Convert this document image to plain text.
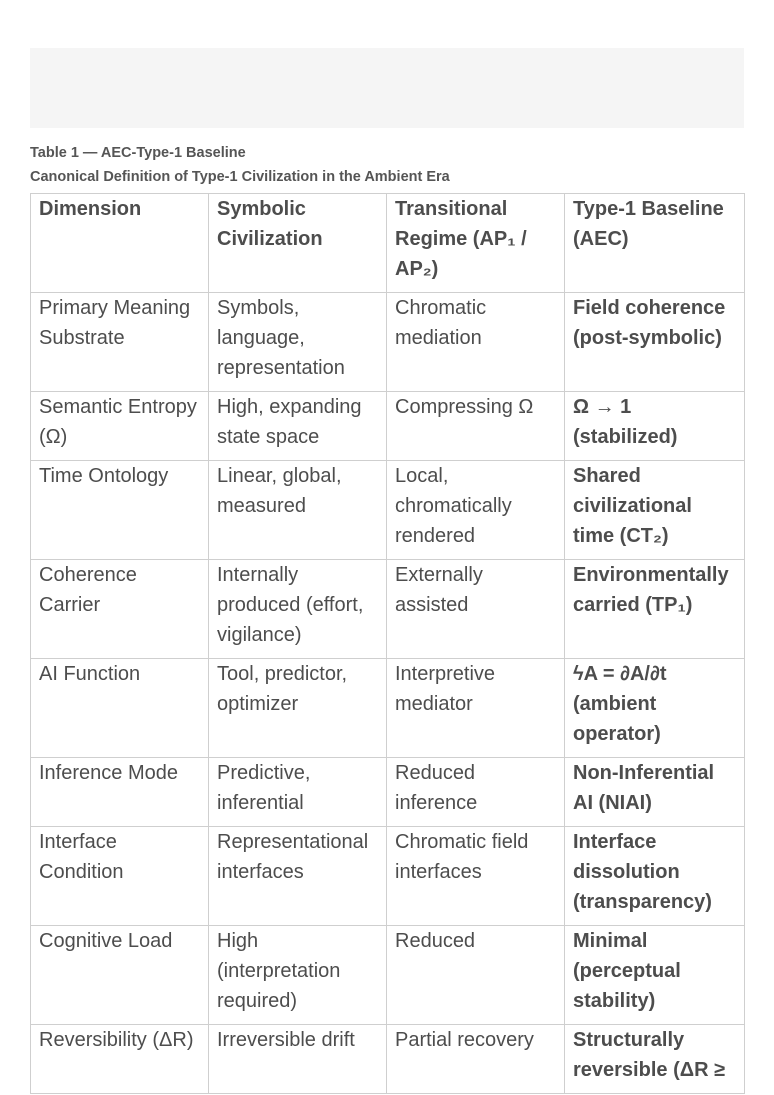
Table 1 — AEC-Type-1 Baseline
Canonical Definition of Type-1 Civilization in the Ambient Era
Dimension	Symbolic Civilization	Transitional Regime (AP₁ / AP₂)	Type-1 Baseline (AEC)
Primary Meaning Substrate	Symbols, language, representation	Chromatic mediation	Field coherence (post-symbolic)
Semantic Entropy (Ω)	High, expanding state space	Compressing Ω	Ω → 1 (stabilized)
Time Ontology	Linear, global, measured	Local, chromatically rendered	Shared civilizational time (CT₂)
Coherence Carrier	Internally produced (effort, vigilance)	Externally assisted	Environmentally carried (TP₁)
AI Function	Tool, predictor, optimizer	Interpretive mediator	ϟA = ∂A/∂t (ambient operator)
Inference Mode	Predictive, inferential	Reduced inference	Non-Inferential AI (NIAI)
Interface Condition	Representational interfaces	Chromatic field interfaces	Interface dissolution (transparency)
Cognitive Load	High (interpretation required)	Reduced	Minimal (perceptual stability)
Reversibility (ΔR)	Irreversible drift	Partial recovery	Structurally reversible (ΔR ≥
